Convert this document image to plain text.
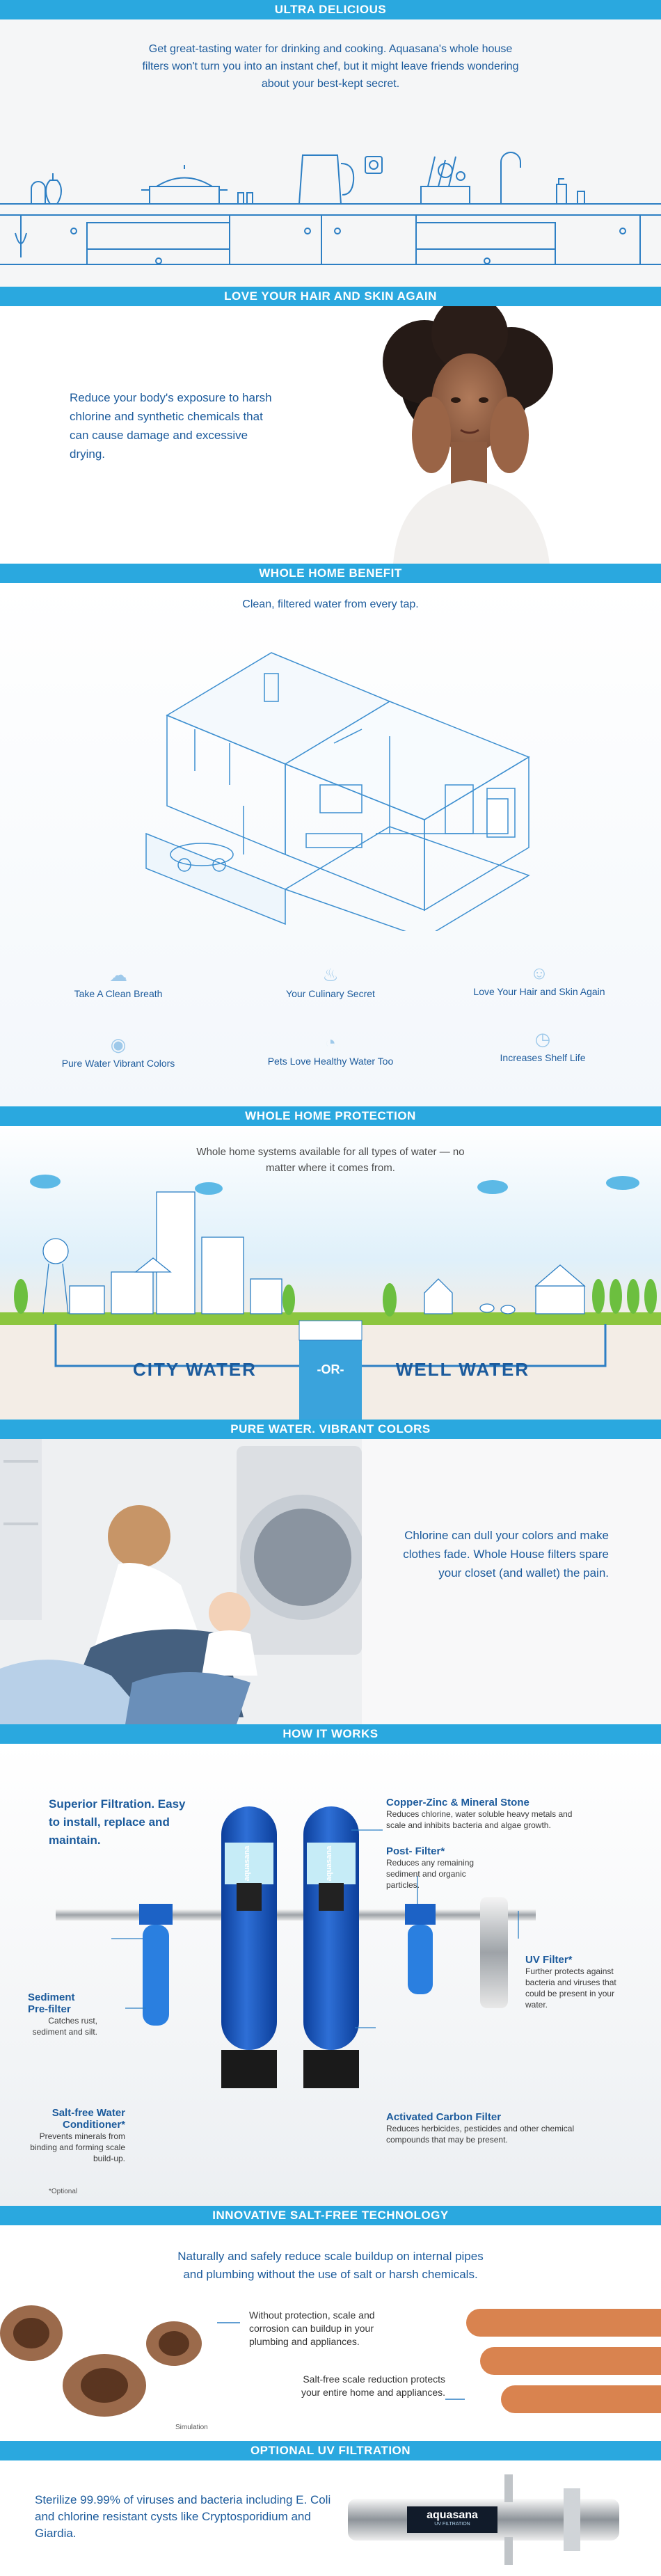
ULTRA DELICIOUS
Get great-tasting water for drinking and cooking. Aquasana's whole house filters won't turn you into an instant chef, but it might leave friends wondering about your best-kept secret.
LOVE YOUR HAIR AND SKIN AGAIN
Reduce your body's exposure to harsh chlorine and synthetic chemicals that can cause damage and excessive drying.
WHOLE HOME BENEFIT
Clean, filtered water from every tap.
☁
Take A Clean Breath
♨
Your Culinary Secret
☺
Love Your Hair and Skin Again
◉
Pure Water Vibrant Colors
◔
Pets Love Healthy Water Too
◷
Increases Shelf Life
WHOLE HOME PROTECTION
Whole home systems available for all types of water — no matter where it comes from.
CITY WATER	-OR-	WELL WATER
PURE WATER. VIBRANT COLORS
Chlorine can dull your colors and make clothes fade. Whole House filters spare your closet (and wallet) the pain.
HOW IT WORKS
Superior Filtration. Easy to install, replace and maintain.
aquasana	aquasana
Copper-Zinc & Mineral Stone
Reduces chlorine, water soluble heavy metals and scale and inhibits bacteria and algae growth.
Post- Filter*
Reduces any remaining sediment and organic particles.
UV Filter*
Further protects against bacteria and viruses that could be present in your water.
Sediment Pre-filter
Catches rust, sediment and silt.
Salt-free Water Conditioner*
Prevents minerals from binding and forming scale build-up.
Activated Carbon Filter
Reduces herbicides, pesticides and other chemical compounds that may be present.
*Optional
INNOVATIVE SALT-FREE TECHNOLOGY
Naturally and safely reduce scale buildup on internal pipes and plumbing without the use of salt or harsh chemicals.
Without protection, scale and corrosion can buildup in your plumbing and appliances.
Salt-free scale reduction protects your entire home and appliances.
Simulation
OPTIONAL UV FILTRATION
Sterilize 99.99% of viruses and bacteria including E. Coli and chlorine resistant cysts like Cryptosporidium and Giardia.
aquasana
UV FILTRATION
